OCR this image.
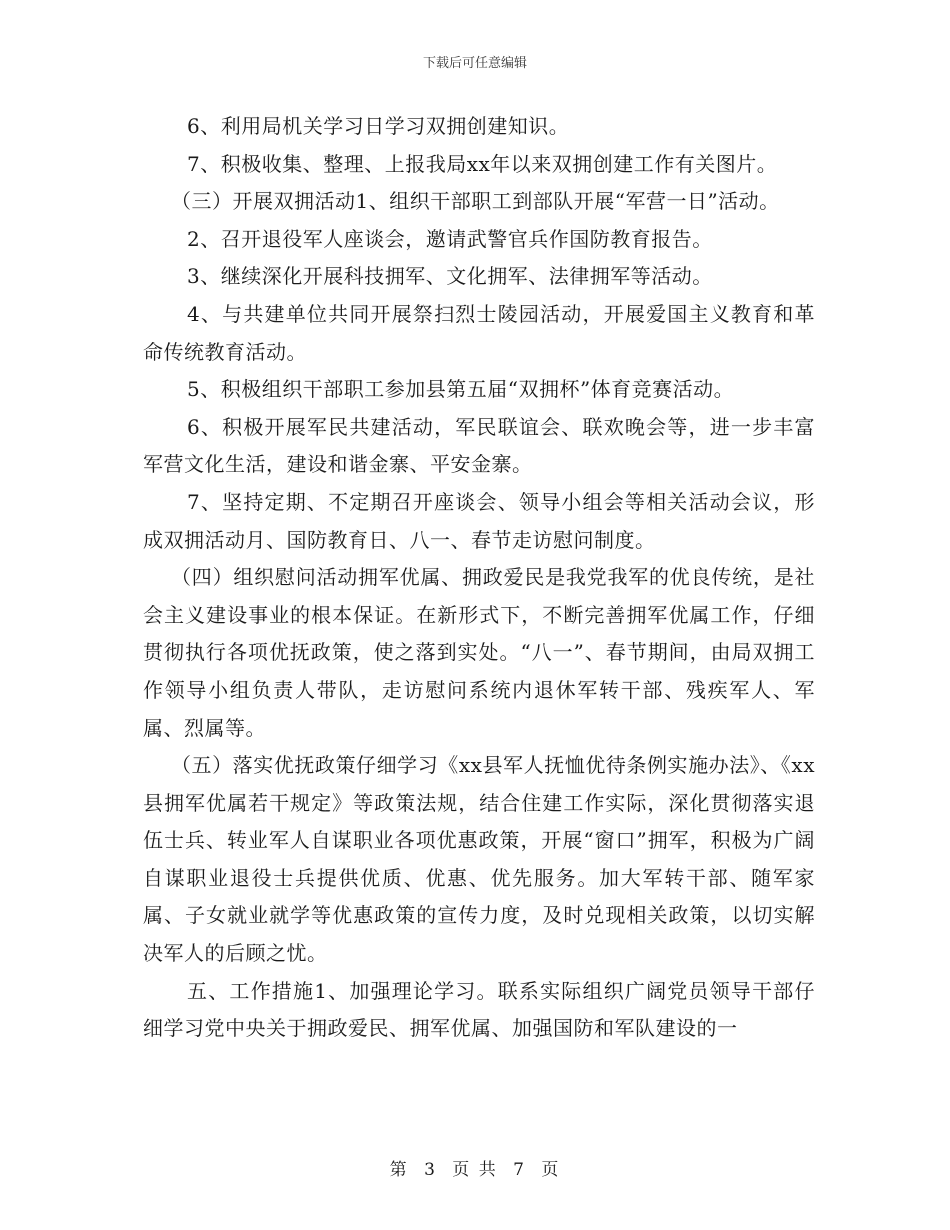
下载后可任意编辑

6、利用局机关学习日学习双拥创建知识。

7、积极收集、整理、上报我局xx年以来双拥创建工作有关图片。

（三）开展双拥活动1、组织干部职工到部队开展“军营一日”活动。

2、召开退役军人座谈会，邀请武警官兵作国防教育报告。

3、继续深化开展科技拥军、文化拥军、法律拥军等活动。

4、与共建单位共同开展祭扫烈士陵园活动，开展爱国主义教育和革命传统教育活动。

5、积极组织干部职工参加县第五届“双拥杯”体育竞赛活动。

6、积极开展军民共建活动，军民联谊会、联欢晚会等，进一步丰富军营文化生活，建设和谐金寨、平安金寨。

7、坚持定期、不定期召开座谈会、领导小组会等相关活动会议，形成双拥活动月、国防教育日、八一、春节走访慰问制度。

（四）组织慰问活动拥军优属、拥政爱民是我党我军的优良传统，是社会主义建设事业的根本保证。在新形式下，不断完善拥军优属工作，仔细贯彻执行各项优抚政策，使之落到实处。“八一”、春节期间，由局双拥工作领导小组负责人带队，走访慰问系统内退休军转干部、残疾军人、军属、烈属等。

（五）落实优抚政策仔细学习《xx县军人抚恤优待条例实施办法》、《xx县拥军优属若干规定》等政策法规，结合住建工作实际，深化贯彻落实退伍士兵、转业军人自谋职业各项优惠政策，开展“窗口”拥军，积极为广阔自谋职业退役士兵提供优质、优惠、优先服务。加大军转干部、随军家属、子女就业就学等优惠政策的宣传力度，及时兑现相关政策，以切实解决军人的后顾之忧。

五、工作措施1、加强理论学习。联系实际组织广阔党员领导干部仔细学习党中央关于拥政爱民、拥军优属、加强国防和军队建设的一

第 3 页 共 7 页
